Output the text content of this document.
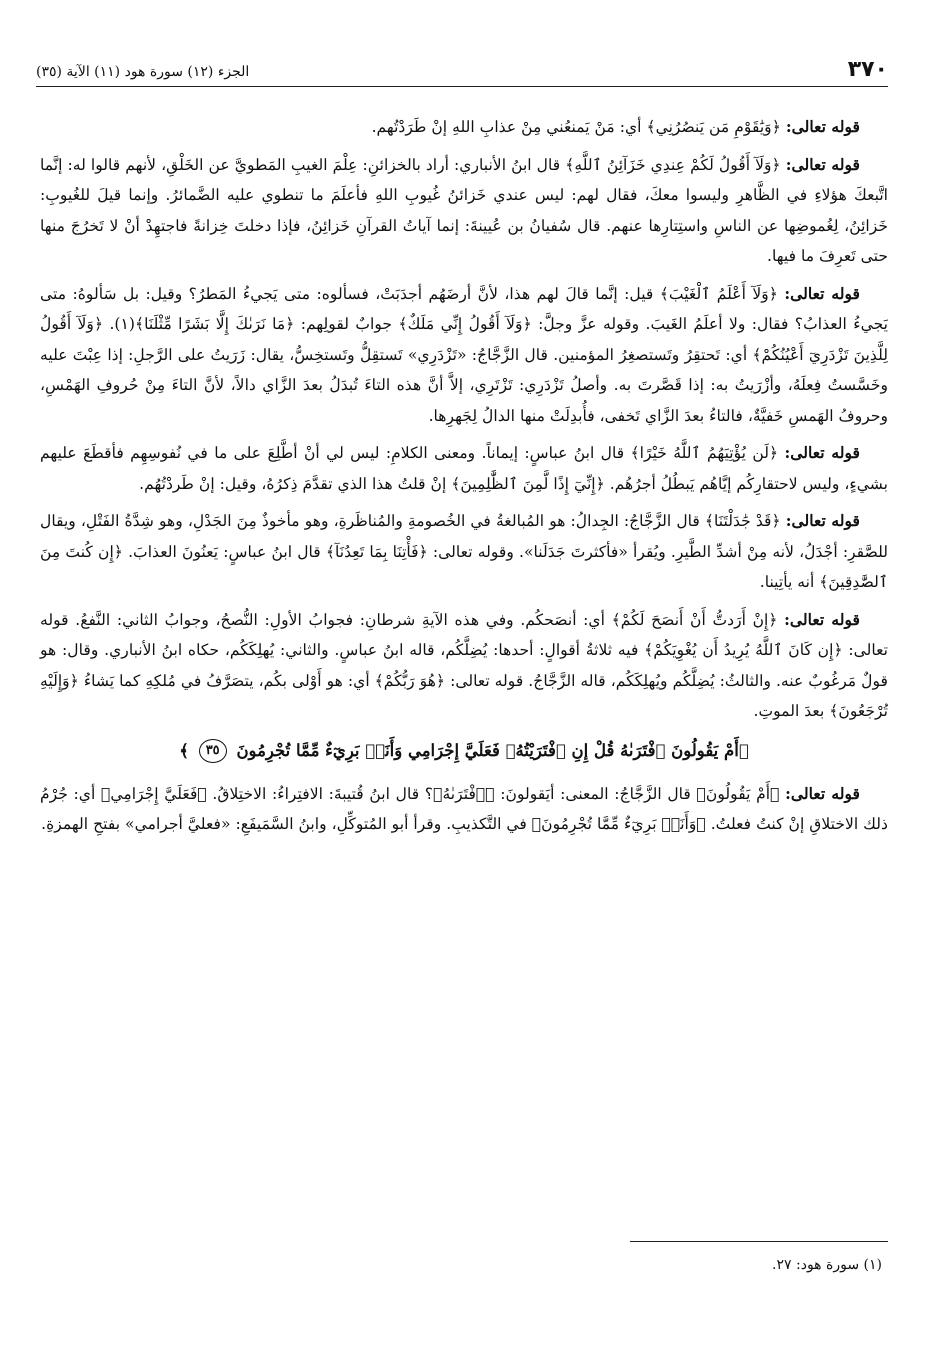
٣٧٠
الجزء (١٢) سورة هود (١١) الآية (٣٥)

قوله تعالى: ﴿وَيَٰقَوْمِ مَن يَنصُرُنِي﴾ أي: مَنْ يَمنعُني مِنْ عذابِ اللهِ إنْ طَرَدْتُهم.

قوله تعالى: ﴿وَلَآ أَقُولُ لَكُمْ عِندِي خَزَآئِنُ ٱللَّهِ﴾ قال ابنُ الأنباري: أراد بالخزائنِ: عِلْمَ الغيبِ المَطويَّ عن الخَلْقِ، لأنهم قالوا له: إنَّما اتَّبعكَ هؤلاءِ في الظَّاهرِ وليسوا معكَ، فقال لهم: ليس عندي خَزائنُ غُيوبِ اللهِ فأعلَمَ ما تنطوي عليه الضَّمائرُ. وإنما قيلَ للغُيوبِ: خَزائِنُ، لِغُموضِها عن الناسِ واستِتارِها عنهم. قال سُفيانُ بن عُيينةَ: إنما آياتُ القرآنِ خَزائِنُ، فإذا دخلتَ خِزانةً فاجتهِدْ أنْ لا تَخرُجَ منها حتى تَعرِفَ ما فيها.

قوله تعالى: ﴿وَلَآ أَعْلَمُ ٱلْغَيْبَ﴾ قيل: إنَّما قالَ لهم هذا، لأنَّ أرضَهُم أجدَبَتْ، فسألوه: متى يَجيءُ المَطرُ؟ وقيل: بل سَألوهُ: متى يَجيءُ العذابُ؟ فقال: ولا أعلَمُ الغَيبَ. وقوله عزَّ وجلَّ: ﴿وَلَآ أَقُولُ إِنِّي مَلَكٌ﴾ جوابٌ لقولِهم: ﴿مَا نَرَىٰكَ إِلَّا بَشَرًا مِّثْلَنَا﴾(١). ﴿وَلَآ أَقُولُ لِلَّذِينَ تَزْدَرِيٓ أَعْيُنُكُمْ﴾ أي: تَحتقِرُ وتَستصغِرُ المؤمنين. قال الزَّجَّاجُ: «تَزْدَرِي» تَستقِلُّ وتَستخِسُّ، يقال: زَرَيتُ على الرَّجلِ: إذا عِبْتَ عليه وخَسَّستُ فِعلَهُ، وأزْرَيتُ به: إذا قَصَّرتَ به. وأصلُ تَزْدَرِي: تَزْتَرِي، إلاَّ أنَّ هذه التاءَ تُبدَلُ بعدَ الزَّاي دالاً، لأنَّ التاءَ مِنْ حُروفِ الهَمْسِ، وحروفُ الهَمسِ خَفيَّةٌ، فالتاءُ بعدَ الزَّاي تَخفى، فأُبدِلَتْ منها الدالُ لِجَهرِها.

قوله تعالى: ﴿لَن يُؤْتِيَهُمُ ٱللَّهُ خَيْرًا﴾ قال ابنُ عباسٍ: إيماناً. ومعنى الكلامِ: ليس لي أنْ أطَّلِعَ على ما في نُفوسِهِم فأقطَعَ عليهم بشيءٍ، وليس لاحتقارِكُم إيَّاهُم يَبطُلُ أجرُهُم. ﴿إِنِّيٓ إِذًا لَّمِنَ ٱلظَّٰلِمِينَ﴾ إنْ قلتُ هذا الذي تقدَّمَ ذِكرُهُ، وقيل: إنْ طَردْتُهُم.

قوله تعالى: ﴿قَدْ جَٰدَلْتَنَا﴾ قال الزَّجَّاجُ: الجِدالُ: هو المُبالغةُ في الخُصومةِ والمُناظَرةِ، وهو مأخوذٌ مِنَ الجَدْلِ، وهو شِدَّةُ الفَتْلِ، ويقال للصَّقرِ: أجْدَلُ، لأنه مِنْ أشدِّ الطَّيرِ. ويُقرأ «فأكثرتَ جَدَلَنا». وقوله تعالى: ﴿فَأْتِنَا بِمَا تَعِدُنَآ﴾ قال ابنُ عباسٍ: يَعنُونَ العذابَ. ﴿إِن كُنتَ مِنَ ٱلصَّٰدِقِينَ﴾ أنه يأتِينا.

قوله تعالى: ﴿إِنْ أَرَدتُّ أَنْ أَنصَحَ لَكُمْ﴾ أي: أنصَحكُم. وفي هذه الآيةِ شرطانِ: فجوابُ الأولِ: النُّصحُ، وجوابُ الثاني: النَّفعُ. قوله تعالى: ﴿إِن كَانَ ٱللَّهُ يُرِيدُ أَن يُغْوِيَكُمْ﴾ فيه ثلاثةُ أقوالٍ: أحدها: يُضِلَّكُم، قاله ابنُ عباسٍ. والثاني: يُهلِكَكُم، حكاه ابنُ الأنباري. وقال: هو قولٌ مَرغُوبٌ عنه. والثالثُ: يُضِلَّكُم ويُهلِكَكُم، قاله الزَّجَّاجُ. قوله تعالى: ﴿هُوَ رَبُّكُمْ﴾ أي: هو أَوْلى بكُم، يتصَرَّفُ في مُلكِهِ كما يَشاءُ ﴿وَإِلَيْهِ تُرْجَعُونَ﴾ بعدَ الموتِ.

﴿أَمْ يَقُولُونَ ٱفْتَرَىٰهُ قُلْ إِنِ ٱفْتَرَيْتُهُۥ فَعَلَيَّ إِجْرَامِي وَأَنَا۠ بَرِيٓءٌ مِّمَّا تُجْرِمُونَ ٣٥ ﴾

قوله تعالى: ﴿أَمْ يَقُولُونَ﴾ قال الزَّجَّاجُ: المعنى: أيَقولونَ: ﴿ٱفْتَرَىٰهُ﴾؟ قال ابنُ قُتيبةَ: الافتِراءُ: الاختِلاقُ. ﴿فَعَلَيَّ إِجْرَامِي﴾ أي: جُرْمُ ذلك الاختلاقِ إنْ كنتُ فعلتُ. ﴿وَأَنَا۠ بَرِيٓءٌ مِّمَّا تُجْرِمُونَ﴾ في التَّكذيبِ. وقرأ أبو المُتوكِّلِ، وابنُ السَّمَيفَعِ: «فعليَّ أجرامي» بفتحِ الهمزةِ.

(١) سورة هود: ٢٧.
